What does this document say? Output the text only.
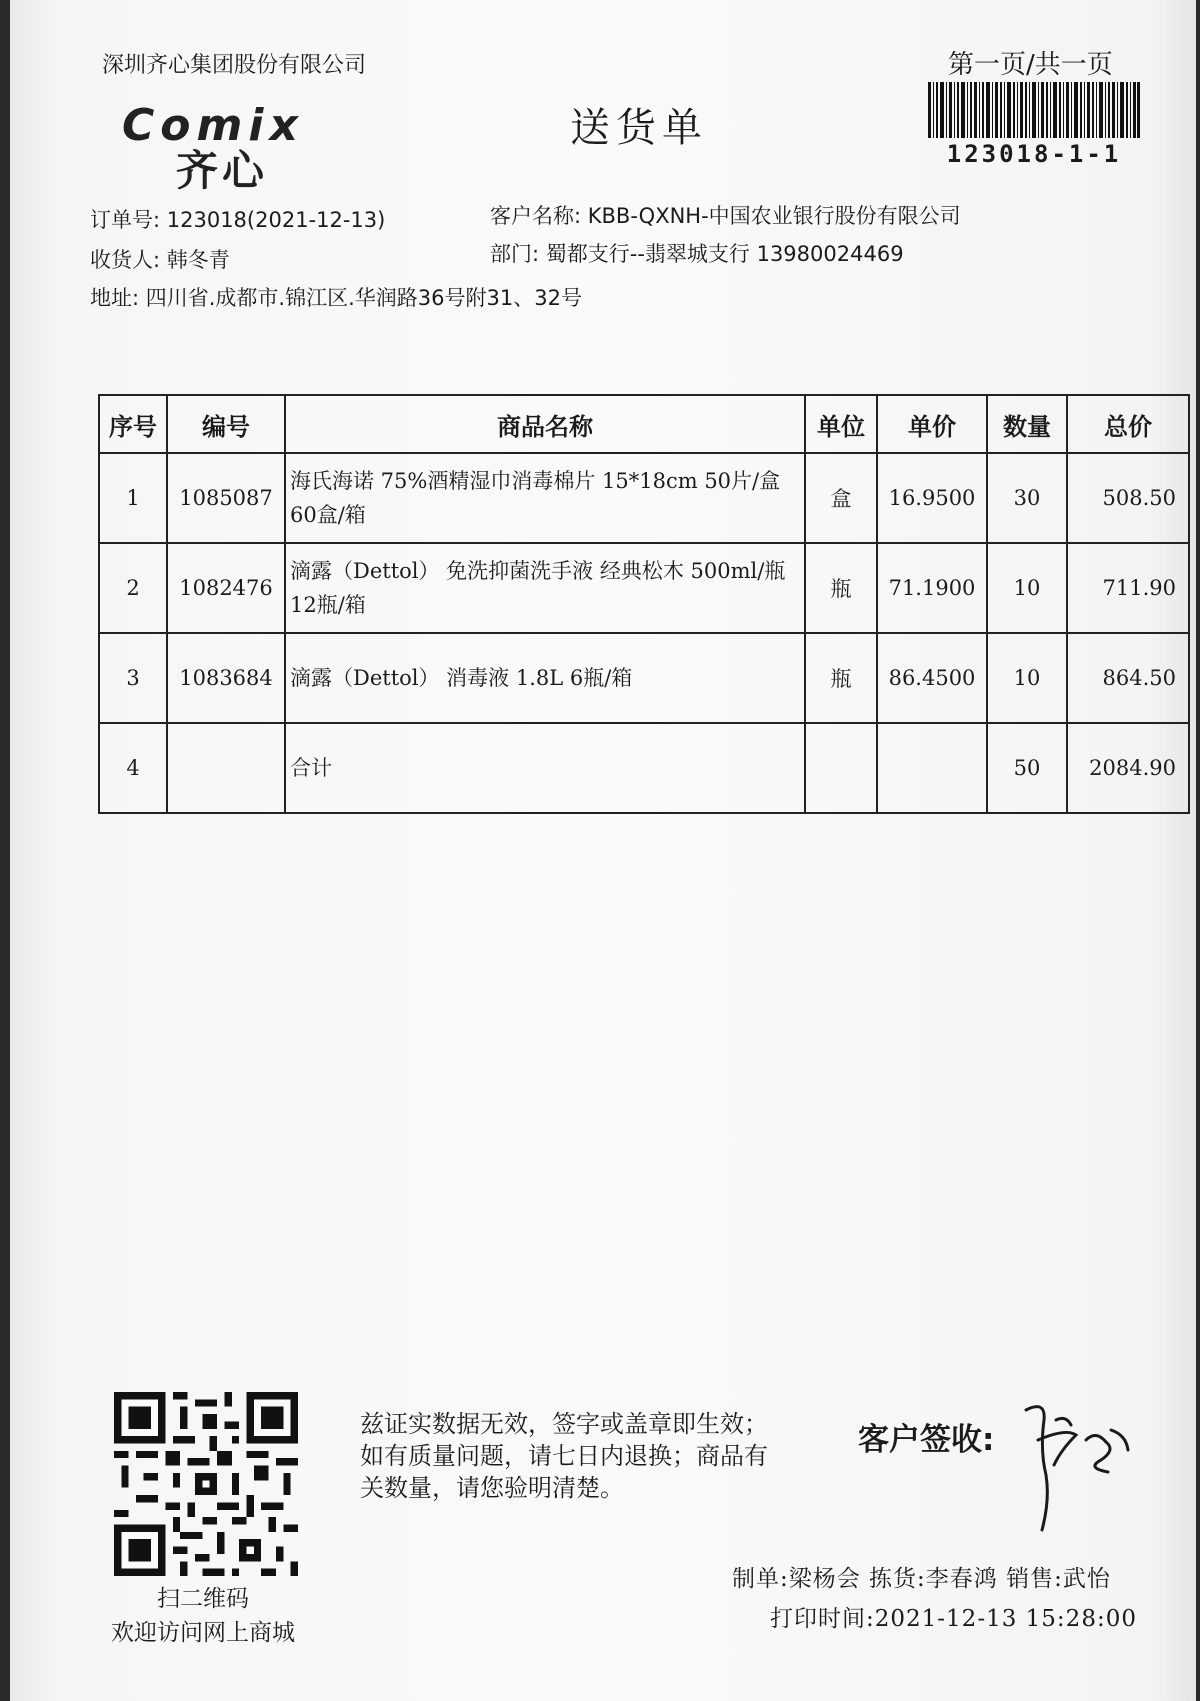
深圳齐心集团股份有限公司	第一页/共一页
Comix
齐心
送货单
123018-1-1
订单号: 123018(2021-12-13)	客户名称: KBB-QXNH-中国农业银行股份有限公司
收货人: 韩冬青	部门: 蜀都支行--翡翠城支行 13980024469
地址: 四川省.成都市.锦江区.华润路36号附31、32号
序号	编号	商品名称	单位	单价	数量	总价
1	1085087	海氏海诺 75%酒精湿巾消毒棉片 15*18cm 50片/盒 60盒/箱	盒	16.9500	30	508.50
2	1082476	滴露（Dettol） 免洗抑菌洗手液 经典松木 500ml/瓶 12瓶/箱	瓶	71.1900	10	711.90
3	1083684	滴露（Dettol） 消毒液 1.8L 6瓶/箱	瓶	86.4500	10	864.50
4		合计			50	2084.90
扫二维码
欢迎访问网上商城
兹证实数据无效，签字或盖章即生效；如有质量问题，请七日内退换；商品有关数量，请您验明清楚。
客户签收:
制单:梁杨会 拣货:李春鸿 销售:武怡
打印时间:2021-12-13 15:28:00
